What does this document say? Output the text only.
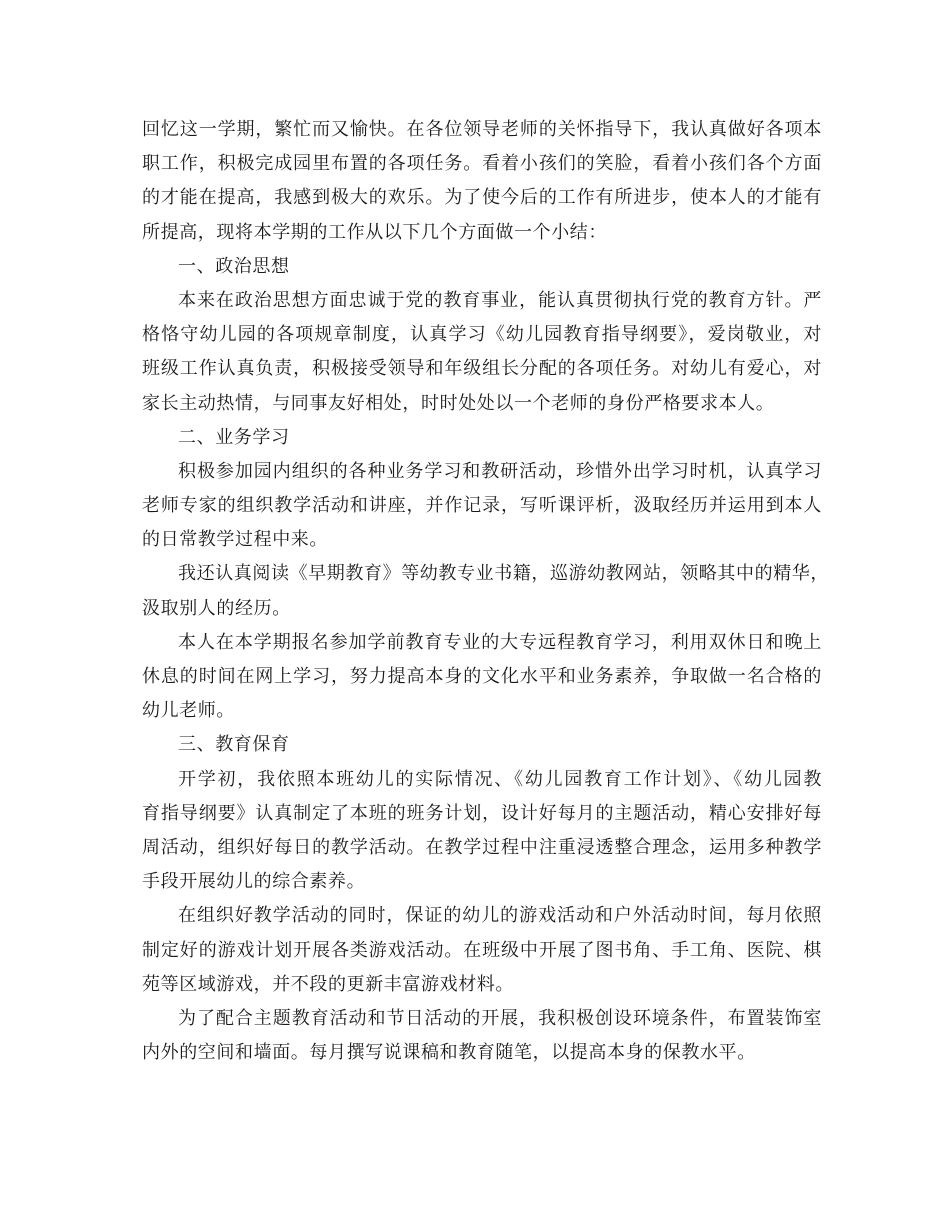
回忆这一学期，繁忙而又愉快。在各位领导老师的关怀指导下，我认真做好各项本
职工作，积极完成园里布置的各项任务。看着小孩们的笑脸，看着小孩们各个方面
的才能在提高，我感到极大的欢乐。为了使今后的工作有所进步，使本人的才能有
所提高，现将本学期的工作从以下几个方面做一个小结：
一、政治思想
本来在政治思想方面忠诚于党的教育事业，能认真贯彻执行党的教育方针。严
格恪守幼儿园的各项规章制度，认真学习《幼儿园教育指导纲要》，爱岗敬业，对
班级工作认真负责，积极接受领导和年级组长分配的各项任务。对幼儿有爱心，对
家长主动热情，与同事友好相处，时时处处以一个老师的身份严格要求本人。
二、业务学习
积极参加园内组织的各种业务学习和教研活动，珍惜外出学习时机，认真学习
老师专家的组织教学活动和讲座，并作记录，写听课评析，汲取经历并运用到本人
的日常教学过程中来。
我还认真阅读《早期教育》等幼教专业书籍，巡游幼教网站，领略其中的精华，
汲取别人的经历。
本人在本学期报名参加学前教育专业的大专远程教育学习，利用双休日和晚上
休息的时间在网上学习，努力提高本身的文化水平和业务素养，争取做一名合格的
幼儿老师。
三、教育保育
开学初，我依照本班幼儿的实际情况、《幼儿园教育工作计划》、《幼儿园教
育指导纲要》认真制定了本班的班务计划，设计好每月的主题活动，精心安排好每
周活动，组织好每日的教学活动。在教学过程中注重浸透整合理念，运用多种教学
手段开展幼儿的综合素养。
在组织好教学活动的同时，保证的幼儿的游戏活动和户外活动时间，每月依照
制定好的游戏计划开展各类游戏活动。在班级中开展了图书角、手工角、医院、棋
苑等区域游戏，并不段的更新丰富游戏材料。
为了配合主题教育活动和节日活动的开展，我积极创设环境条件，布置装饰室
内外的空间和墙面。每月撰写说课稿和教育随笔，以提高本身的保教水平。
